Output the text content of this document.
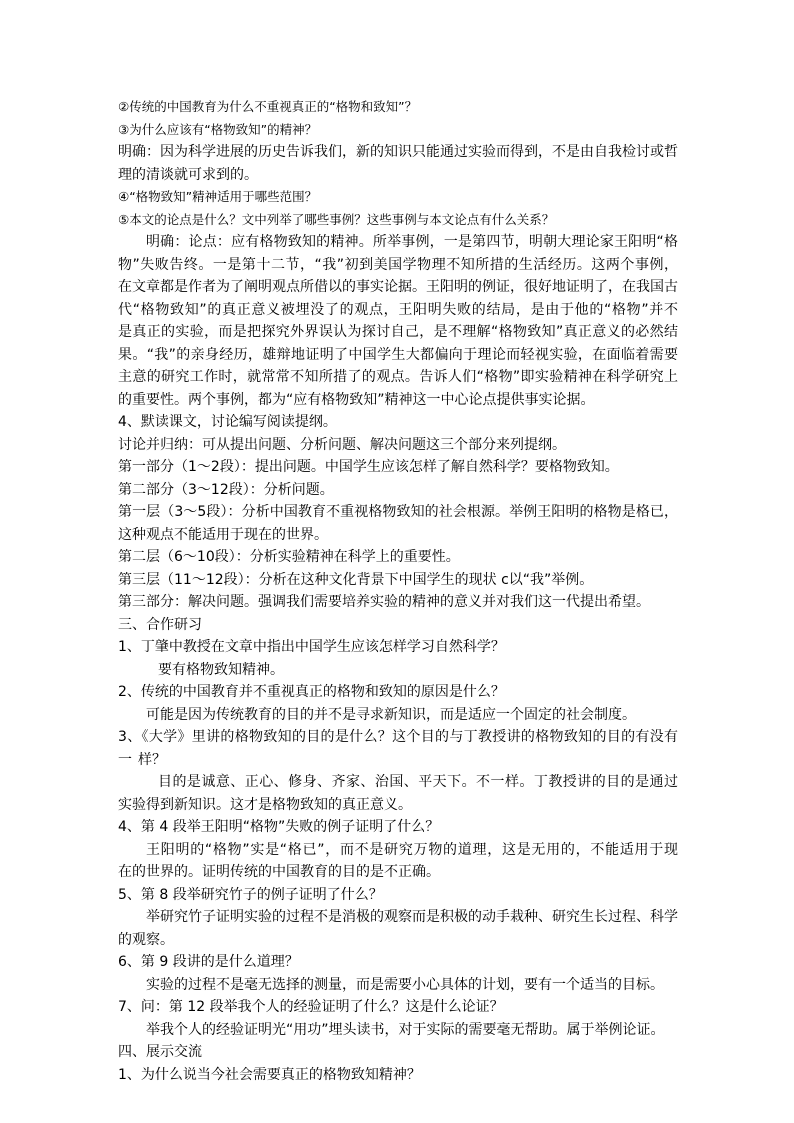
②传统的中国教育为什么不重视真正的“格物和致知”？

③为什么应该有“格物致知”的精神？

明确：因为科学进展的历史告诉我们，新的知识只能通过实验而得到，不是由自我检讨或哲

理的清谈就可求到的。

④“格物致知”精神适用于哪些范围？

⑤本文的论点是什么？文中列举了哪些事例？这些事例与本文论点有什么关系？

明确：论点：应有格物致知的精神。所举事例，一是第四节，明朝大理论家王阳明“格

物”失败告终。一是第十二节，“我”初到美国学物理不知所措的生活经历。这两个事例，

在文章都是作者为了阐明观点所借以的事实论据。王阳明的例证，很好地证明了，在我国古

代“格物致知”的真正意义被埋没了的观点，王阳明失败的结局，是由于他的“格物”并不

是真正的实验，而是把探究外界误认为探讨自己，是不理解“格物致知”真正意义的必然结

果。“我”的亲身经历，雄辩地证明了中国学生大都偏向于理论而轻视实验，在面临着需要

主意的研究工作时，就常常不知所措了的观点。告诉人们“格物”即实验精神在科学研究上

的重要性。两个事例，都为“应有格物致知”精神这一中心论点提供事实论据。

4、默读课文，讨论编写阅读提纲。

讨论并归纳：可从提出问题、分析问题、解决问题这三个部分来列提纲。

第一部分（1～2段）：提出问题。中国学生应该怎样了解自然科学？要格物致知。

第二部分（3～12段）：分析问题。

第一层（3～5段）：分析中国教育不重视格物致知的社会根源。举例王阳明的格物是格已，

这种观点不能适用于现在的世界。

第二层（6～10段）：分析实验精神在科学上的重要性。

第三层（11～12段）：分析在这种文化背景下中国学生的现状 c以“我”举例。

第三部分：解决问题。强调我们需要培养实验的精神的意义并对我们这一代提出希望。

三、合作研习

1、丁肇中教授在文章中指出中国学生应该怎样学习自然科学？

要有格物致知精神。

2、传统的中国教育并不重视真正的格物和致知的原因是什么？

可能是因为传统教育的目的并不是寻求新知识，而是适应一个固定的社会制度。

3、《大学》里讲的格物致知的目的是什么？这个目的与丁教授讲的格物致知的目的有没有一 样？

目的是诚意、正心、修身、齐家、治国、平天下。不一样。丁教授讲的目的是通过

实验得到新知识。这才是格物致知的真正意义。

4、第 4 段举王阳明“格物”失败的例子证明了什么？

王阳明的“格物”实是“格已”，而不是研究万物的道理，这是无用的，不能适用于现

在的世界的。证明传统的中国教育的目的是不正确。

5、第 8 段举研究竹子的例子证明了什么？

举研究竹子证明实验的过程不是消极的观察而是积极的动手栽种、研究生长过程、科学

的观察。

6、第 9 段讲的是什么道理？

实验的过程不是毫无选择的测量，而是需要小心具体的计划，要有一个适当的目标。

7、问：第 12 段举我个人的经验证明了什么？这是什么论证？

举我个人的经验证明光“用功”埋头读书，对于实际的需要毫无帮助。属于举例论证。

四、展示交流

1、为什么说当今社会需要真正的格物致知精神？
